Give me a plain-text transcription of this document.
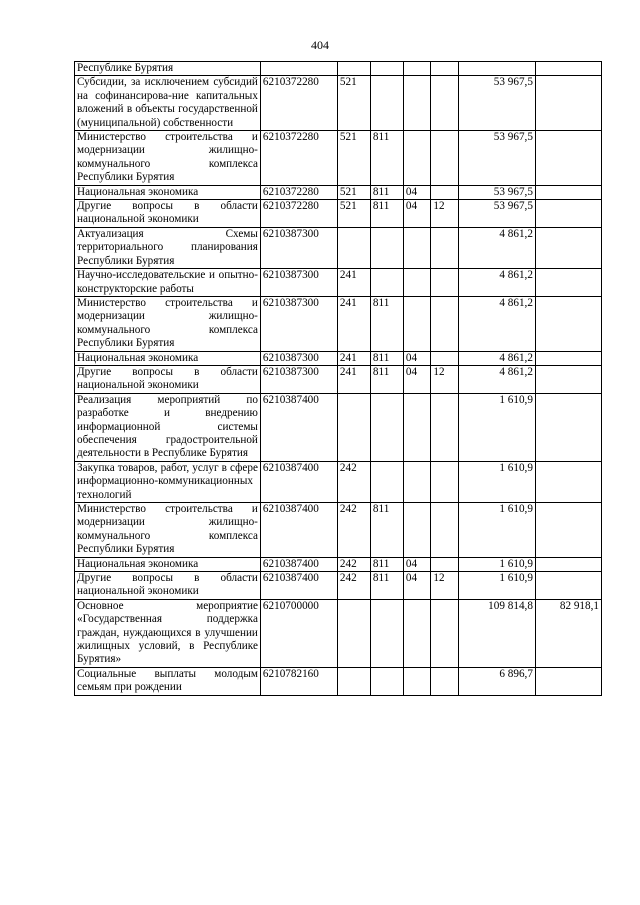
404
Республике Бурятия							
Субсидии, за исключением субсидий на софинансирова-ние капитальных вложений в объекты государственной (муниципальной) собственности	6210372280	521				53 967,5	
Министерство строительства и модернизации жилищно-коммунального комплекса Республики Бурятия	6210372280	521	811			53 967,5	
Национальная экономика	6210372280	521	811	04		53 967,5	
Другие вопросы в области национальной экономики	6210372280	521	811	04	12	53 967,5	
Актуализация Схемы территориального планирования Республики Бурятия	6210387300					4 861,2	
Научно-исследовательские и опытно-конструкторские работы	6210387300	241				4 861,2	
Министерство строительства и модернизации жилищно-коммунального комплекса Республики Бурятия	6210387300	241	811			4 861,2	
Национальная экономика	6210387300	241	811	04		4 861,2	
Другие вопросы в области национальной экономики	6210387300	241	811	04	12	4 861,2	
Реализация мероприятий по разработке и внедрению информационной системы обеспечения градостроительной деятельности в Республике Бурятия	6210387400					1 610,9	
Закупка товаров, работ, услуг в сфере информационно-коммуникационных технологий	6210387400	242				1 610,9	
Министерство строительства и модернизации жилищно-коммунального комплекса Республики Бурятия	6210387400	242	811			1 610,9	
Национальная экономика	6210387400	242	811	04		1 610,9	
Другие вопросы в области национальной экономики	6210387400	242	811	04	12	1 610,9	
Основное мероприятие «Государственная поддержка граждан, нуждающихся в улучшении жилищных условий, в Республике Бурятия»	6210700000					109 814,8	82 918,1
Социальные выплаты молодым семьям при рождении	6210782160					6 896,7	
